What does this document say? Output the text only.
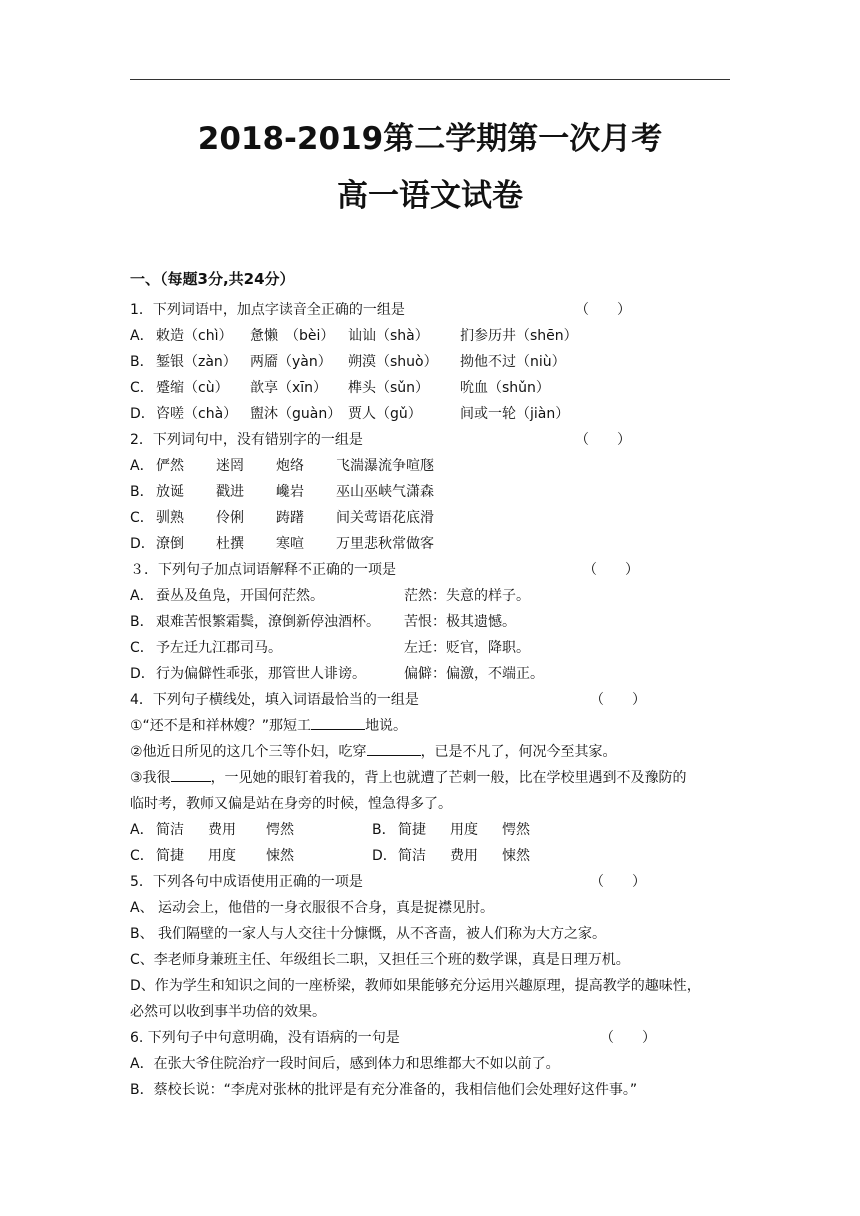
2018-2019第二学期第一次月考
高一语文试卷
一、（每题3分,共24分）
1．下列词语中，加点字读音全正确的一组是	（　　）
A． 敕造（chì） 惫懒　（bèi） 讪讪（shà） 扪参历井（shēn）
B． 錾银（zàn） 两靥（yàn） 朔漠（shuò） 拗他不过（niù）
C． 蹙缩（cù） 歆享（xīn） 榫头（sǔn） 吮血（shǔn）
D．咨嗟（chà） 盥沐（guàn） 贾人（gǔ）	间或一轮（jiàn）
2．下列词句中，没有错别字的一组是	（　　）
A． 俨然 迷罔 炮络 飞湍瀑流争喧豗
B． 放诞 戳进 巉岩 巫山巫峡气潇森
C． 驯熟 伶俐 踌躇 间关莺语花底滑
D．潦倒 杜撰 寒喧 万里悲秋常做客
３．下列句子加点词语解释不正确的一项是	（　　）
A． 蚕丛及鱼凫，开国何茫然。	茫然：失意的样子。
B． 艰难苦恨繁霜鬓，潦倒新停浊酒杯。 苦恨：极其遗憾。
C． 予左迁九江郡司马。	左迁：贬官，降职。
D．行为偏僻性乖张，那管世人诽谤。	偏僻：偏激，不端正。
4．下列句子横线处，填入词语最恰当的一组是	（　　）
①“还不是和祥林嫂？”那短工	地说。
②他近日所见的这几个三等仆妇，吃穿	，已是不凡了，何况今至其家。
③我很	，一见她的眼钉着我的，背上也就遭了芒刺一般，比在学校里遇到不及豫防的
临时考，教师又偏是站在身旁的时候，惶急得多了。
A． 简洁 费用 愕然	B． 简捷 用度 愕然
C． 简捷 用度 悚然	D．简洁 费用 悚然
5．下列各句中成语使用正确的一项是	（　　）
A、 运动会上，他借的一身衣服很不合身，真是捉襟见肘。
B、 我们隔壁的一家人与人交往十分慷慨，从不吝啬，被人们称为大方之家。
C、李老师身兼班主任、年级组长二职，又担任三个班的数学课，真是日理万机。
D、作为学生和知识之间的一座桥梁，教师如果能够充分运用兴趣原理，提高教学的趣味性，
必然可以收到事半功倍的效果。
6. 下列句子中句意明确，没有语病的一句是	（　　）
A．在张大爷住院治疗一段时间后，感到体力和思维都大不如以前了。
B．蔡校长说：“李虎对张林的批评是有充分准备的，我相信他们会处理好这件事。”
